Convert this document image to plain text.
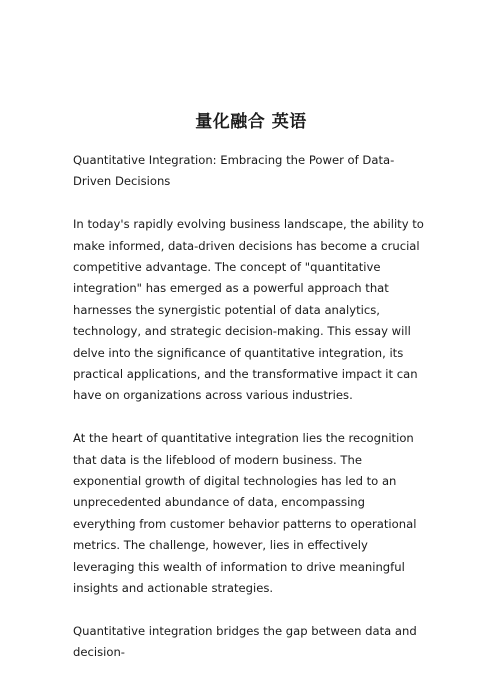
量化融合 英语

Quantitative Integration: Embracing the Power of Data-Driven Decisions

In today's rapidly evolving business landscape, the ability to make informed, data-driven decisions has become a crucial competitive advantage. The concept of "quantitative integration" has emerged as a powerful approach that harnesses the synergistic potential of data analytics, technology, and strategic decision-making. This essay will delve into the significance of quantitative integration, its practical applications, and the transformative impact it can have on organizations across various industries.

At the heart of quantitative integration lies the recognition that data is the lifeblood of modern business. The exponential growth of digital technologies has led to an unprecedented abundance of data, encompassing everything from customer behavior patterns to operational metrics. The challenge, however, lies in effectively leveraging this wealth of information to drive meaningful insights and actionable strategies.

Quantitative integration bridges the gap between data and decision-
